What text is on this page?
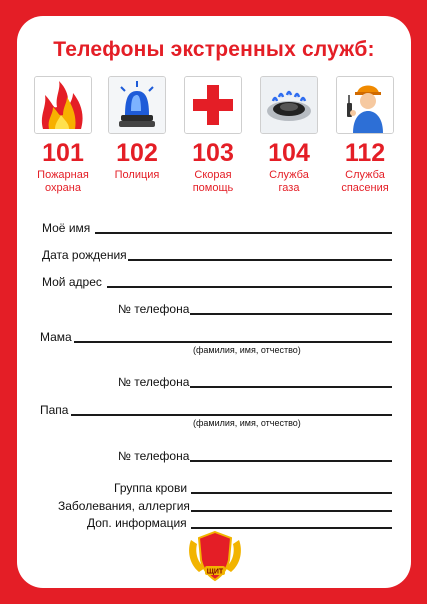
Телефоны экстренных служб:
101
Пожарная
охрана
102
Полиция
103
Скорая
помощь
104
Служба
газа
112
Служба
спасения
Моё имя
Дата рождения
Мой адрес
№ телефона
Мама
(фамилия, имя, отчество)
№ телефона
Папа
(фамилия, имя, отчество)
№ телефона
Группа крови
Заболевания, аллергия
Доп. информация
ЩИТ
